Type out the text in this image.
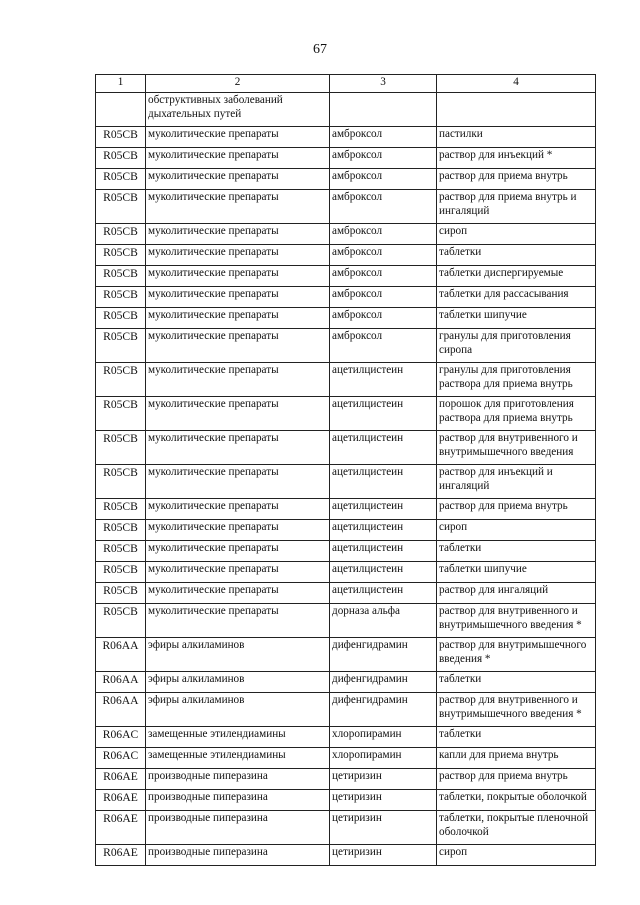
67
1	2	3	4
	обструктивных заболеваний дыхательных путей		
R05CB	муколитические препараты	амброксол	пастилки
R05CB	муколитические препараты	амброксол	раствор для инъекций *
R05CB	муколитические препараты	амброксол	раствор для приема внутрь
R05CB	муколитические препараты	амброксол	раствор для приема внутрь и ингаляций
R05CB	муколитические препараты	амброксол	сироп
R05CB	муколитические препараты	амброксол	таблетки
R05CB	муколитические препараты	амброксол	таблетки диспергируемые
R05CB	муколитические препараты	амброксол	таблетки для рассасывания
R05CB	муколитические препараты	амброксол	таблетки шипучие
R05CB	муколитические препараты	амброксол	гранулы для приготовления сиропа
R05CB	муколитические препараты	ацетилцистеин	гранулы для приготовления раствора для приема внутрь
R05CB	муколитические препараты	ацетилцистеин	порошок для приготовления раствора для приема внутрь
R05CB	муколитические препараты	ацетилцистеин	раствор для внутривенного и внутримышечного введения
R05CB	муколитические препараты	ацетилцистеин	раствор для инъекций и ингаляций
R05CB	муколитические препараты	ацетилцистеин	раствор для приема внутрь
R05CB	муколитические препараты	ацетилцистеин	сироп
R05CB	муколитические препараты	ацетилцистеин	таблетки
R05CB	муколитические препараты	ацетилцистеин	таблетки шипучие
R05CB	муколитические препараты	ацетилцистеин	раствор для ингаляций
R05CB	муколитические препараты	дорназа альфа	раствор для внутривенного и внутримышечного введения *
R06AA	эфиры алкиламинов	дифенгидрамин	раствор для внутримышечного введения *
R06AA	эфиры алкиламинов	дифенгидрамин	таблетки
R06AA	эфиры алкиламинов	дифенгидрамин	раствор для внутривенного и внутримышечного введения *
R06AC	замещенные этилендиамины	хлоропирамин	таблетки
R06AC	замещенные этилендиамины	хлоропирамин	капли для приема внутрь
R06AE	производные пиперазина	цетиризин	раствор для приема внутрь
R06AE	производные пиперазина	цетиризин	таблетки, покрытые оболочкой
R06AE	производные пиперазина	цетиризин	таблетки, покрытые пленочной оболочкой
R06AE	производные пиперазина	цетиризин	сироп
